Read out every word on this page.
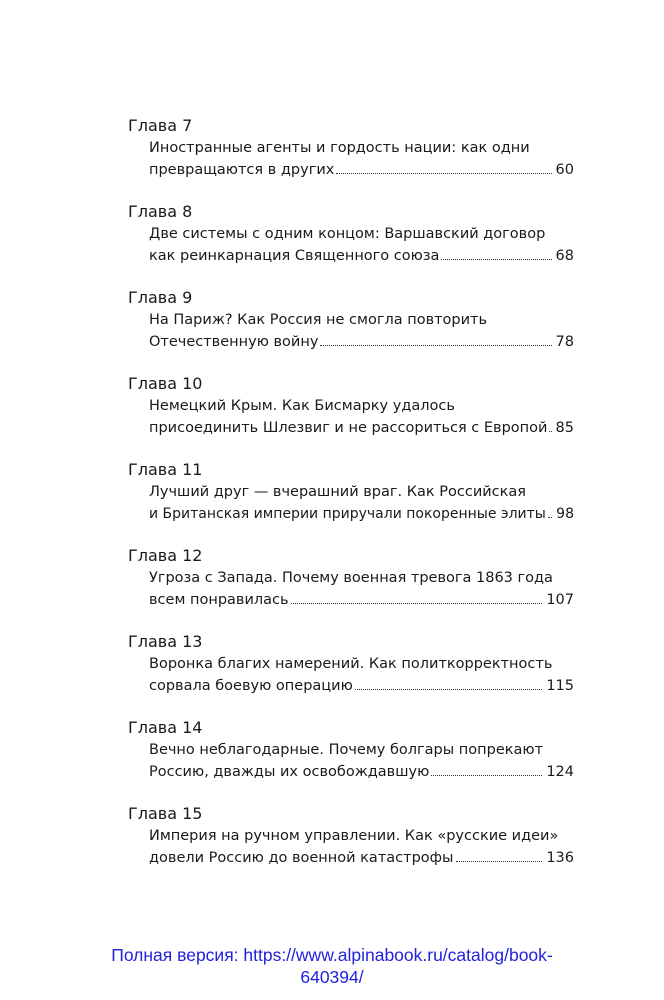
Глава 7
Иностранные агенты и гордость нации: как одни
превращаются в других	60
Глава 8
Две системы с одним концом: Варшавский договор
как реинкарнация Священного союза	68
Глава 9
На Париж? Как Россия не смогла повторить
Отечественную войну	78
Глава 10
Немецкий Крым. Как Бисмарку удалось
присоединить Шлезвиг и не рассориться с Европой 85
Глава 11
Лучший друг — вчерашний враг. Как Российская
и Британская империи приручали покоренные элиты 98
Глава 12
Угроза с Запада. Почему военная тревога 1863 года
всем понравилась	107
Глава 13
Воронка благих намерений. Как политкорректность
сорвала боевую операцию	115
Глава 14
Вечно неблагодарные. Почему болгары попрекают
Россию, дважды их освобождавшую	124
Глава 15
Империя на ручном управлении. Как «русские идеи»
довели Россию до военной катастрофы	136
Полная версия: https://www.alpinabook.ru/catalog/book-
640394/
